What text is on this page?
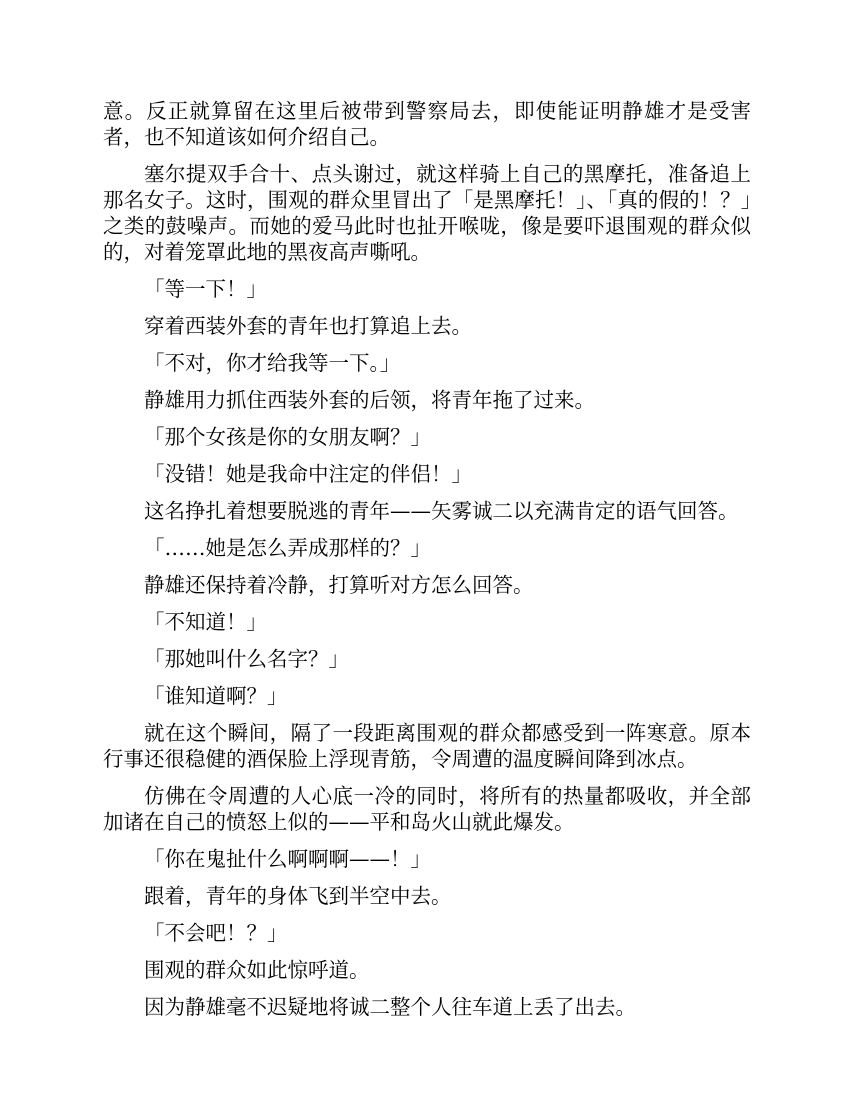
意。反正就算留在这里后被带到警察局去，即使能证明静雄才是受害者，也不知道该如何介绍自己。

塞尔提双手合十、点头谢过，就这样骑上自己的黑摩托，准备追上那名女子。这时，围观的群众里冒出了「是黑摩托！」、「真的假的！？」之类的鼓噪声。而她的爱马此时也扯开喉咙，像是要吓退围观的群众似的，对着笼罩此地的黑夜高声嘶吼。

「等一下！」

穿着西装外套的青年也打算追上去。

「不对，你才给我等一下。」

静雄用力抓住西装外套的后领，将青年拖了过来。

「那个女孩是你的女朋友啊？」

「没错！她是我命中注定的伴侣！」

这名挣扎着想要脱逃的青年——矢雾诚二以充满肯定的语气回答。

「……她是怎么弄成那样的？」

静雄还保持着冷静，打算听对方怎么回答。

「不知道！」

「那她叫什么名字？」

「谁知道啊？」

就在这个瞬间，隔了一段距离围观的群众都感受到一阵寒意。原本行事还很稳健的酒保脸上浮现青筋，令周遭的温度瞬间降到冰点。

仿佛在令周遭的人心底一冷的同时，将所有的热量都吸收，并全部加诸在自己的愤怒上似的——平和岛火山就此爆发。

「你在鬼扯什么啊啊啊——！」

跟着，青年的身体飞到半空中去。

「不会吧！？」

围观的群众如此惊呼道。

因为静雄毫不迟疑地将诚二整个人往车道上丢了出去。
